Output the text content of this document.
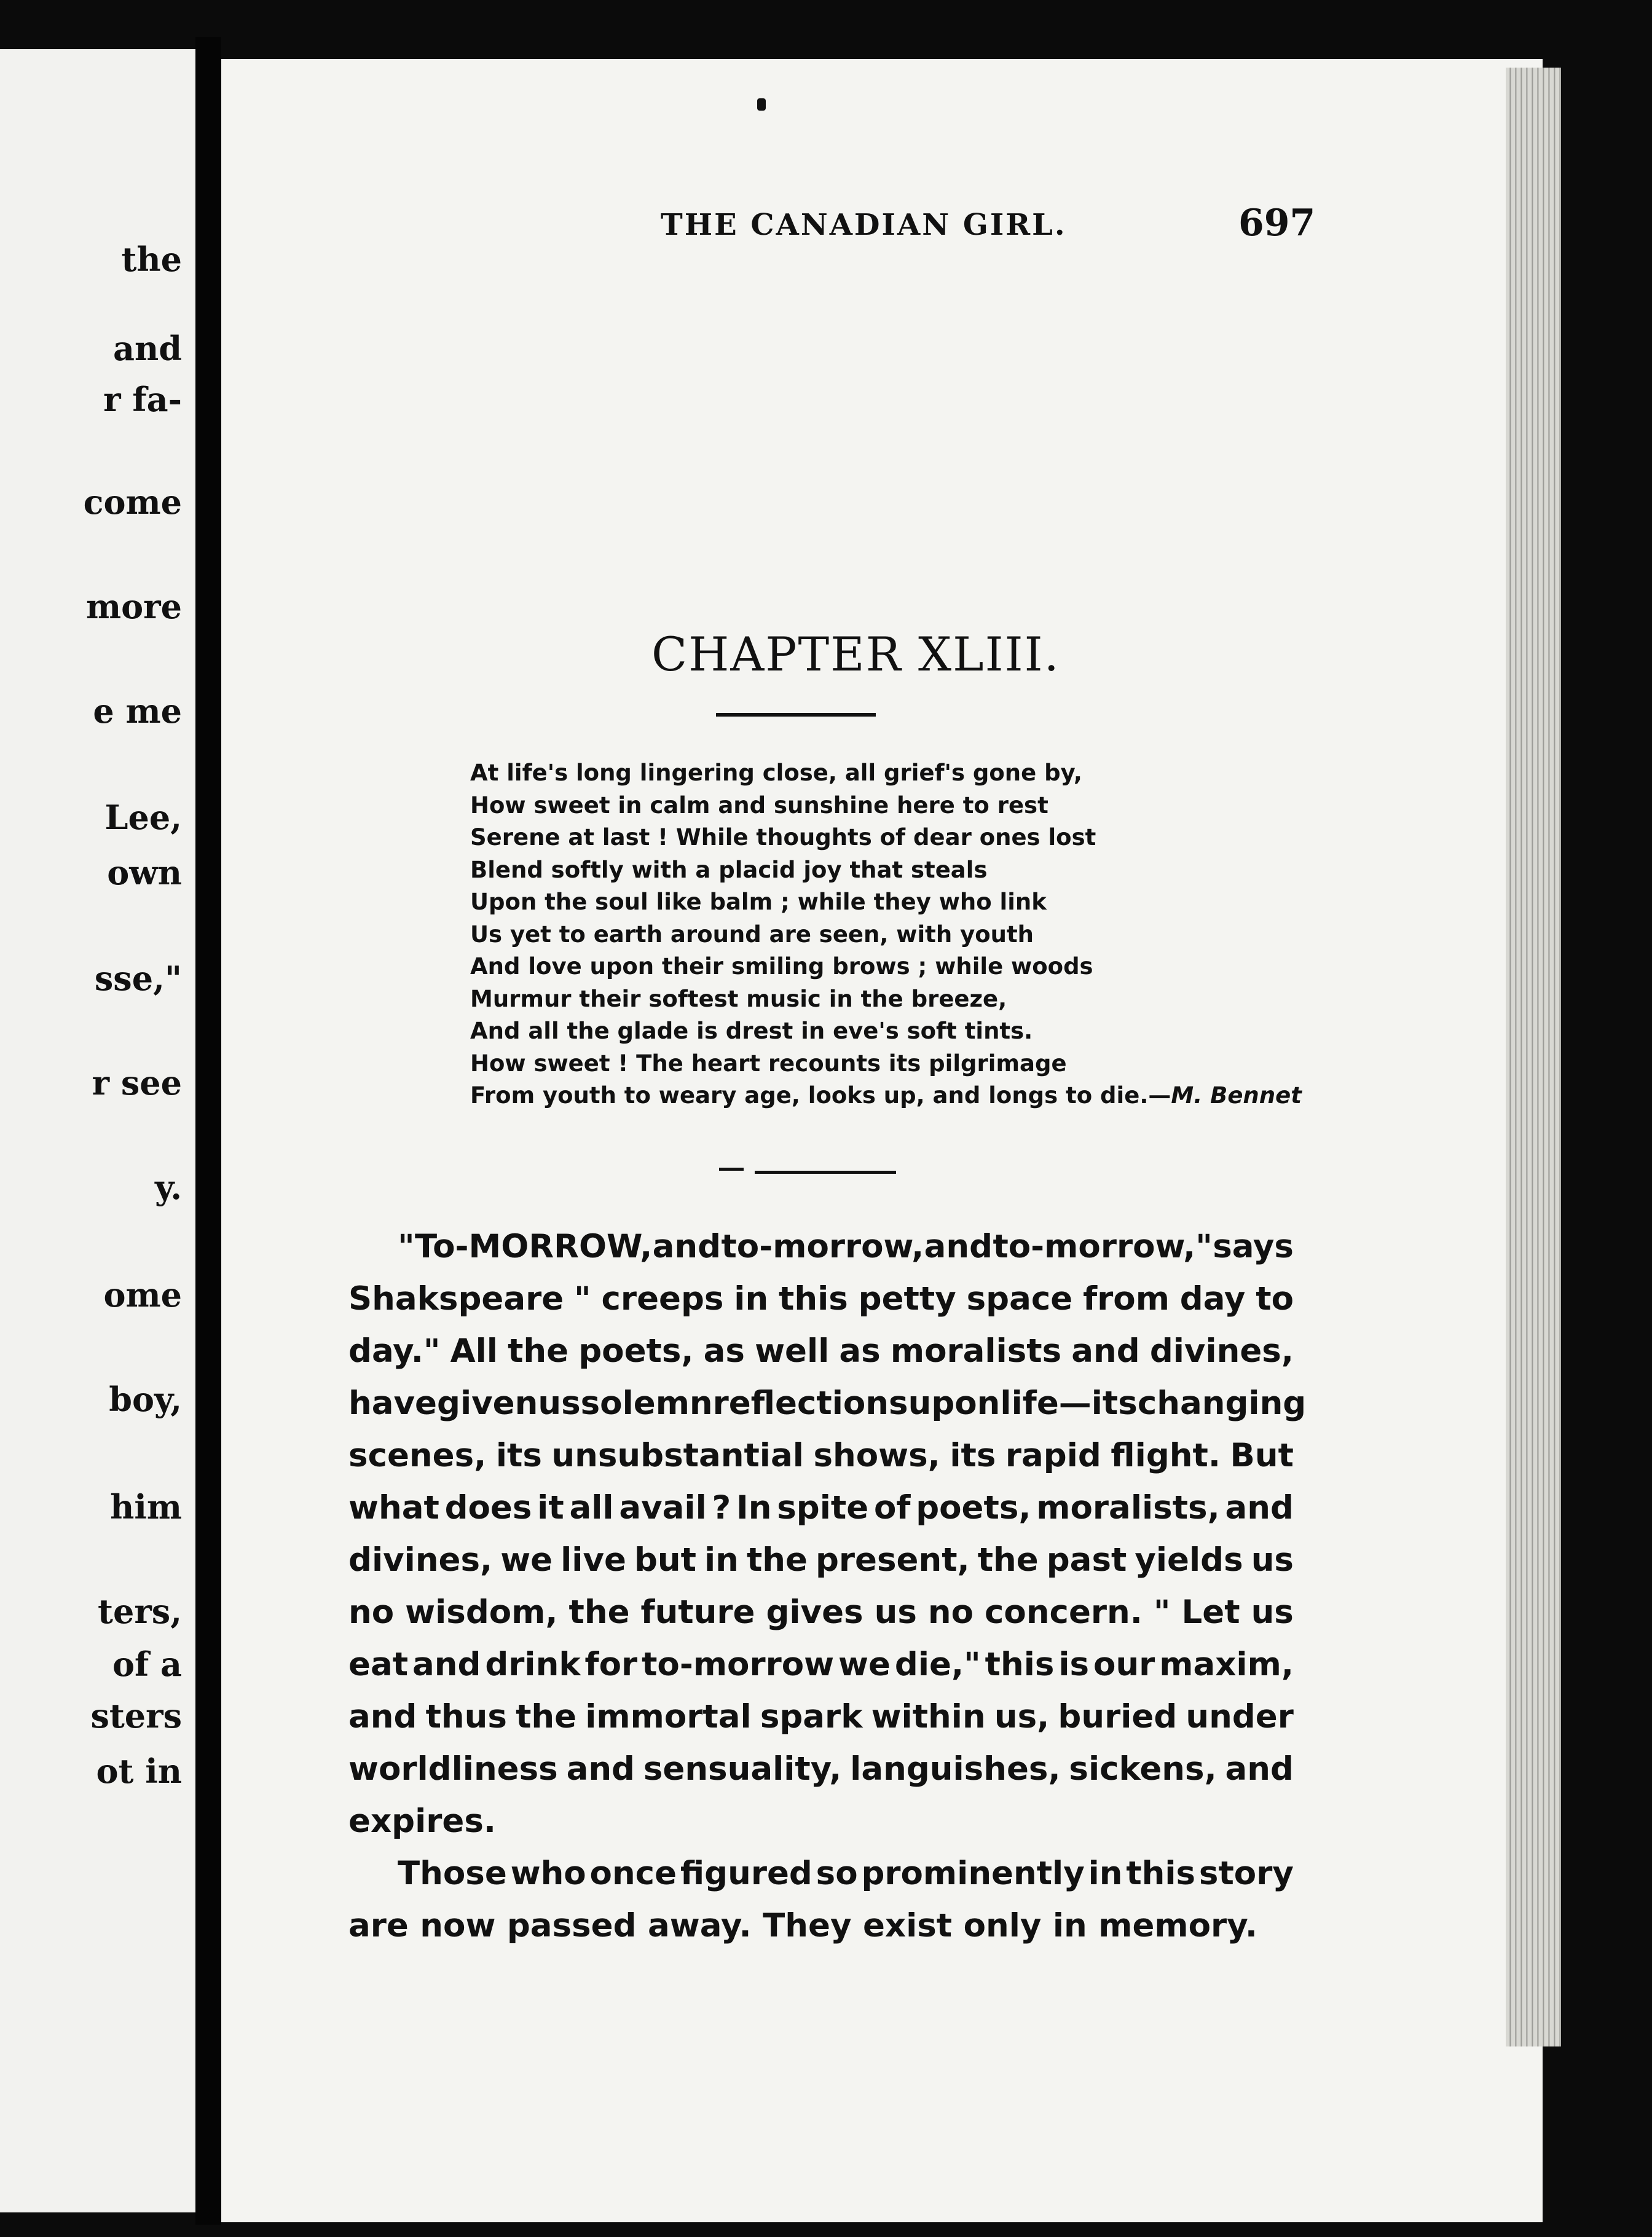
the
and
r fa-
come
more
e me
Lee,
own
sse,"
r see
y.
ome
boy,
him
ters,
of a
sters
ot in
THE CANADIAN GIRL.	697
CHAPTER XLIII.
At life's long lingering close, all grief's gone by,
How sweet in calm and sunshine here to rest
Serene at last ! While thoughts of dear ones lost
Blend softly with a placid joy that steals
Upon the soul like balm ; while they who link
Us yet to earth around are seen, with youth
And love upon their smiling brows ; while woods
Murmur their softest music in the breeze,
And all the glade is drest in eve's soft tints.
How sweet ! The heart recounts its pilgrimage
From youth to weary age, looks up, and longs to die.—M. Bennet
" To-MORROW, and to-morrow, and to-morrow," says
Shakspeare " creeps in this petty space from day to
day." All the poets, as well as moralists and divines,
have given us solemn reflections upon life—its changing
scenes, its unsubstantial shows, its rapid flight. But
what does it all avail ? In spite of poets, moralists, and
divines, we live but in the present, the past yields us
no wisdom, the future gives us no concern. " Let us
eat and drink for to-morrow we die," this is our maxim,
and thus the immortal spark within us, buried under
worldliness and sensuality, languishes, sickens, and
expires.
Those who once figured so prominently in this story
are now passed away. They exist only in memory.
